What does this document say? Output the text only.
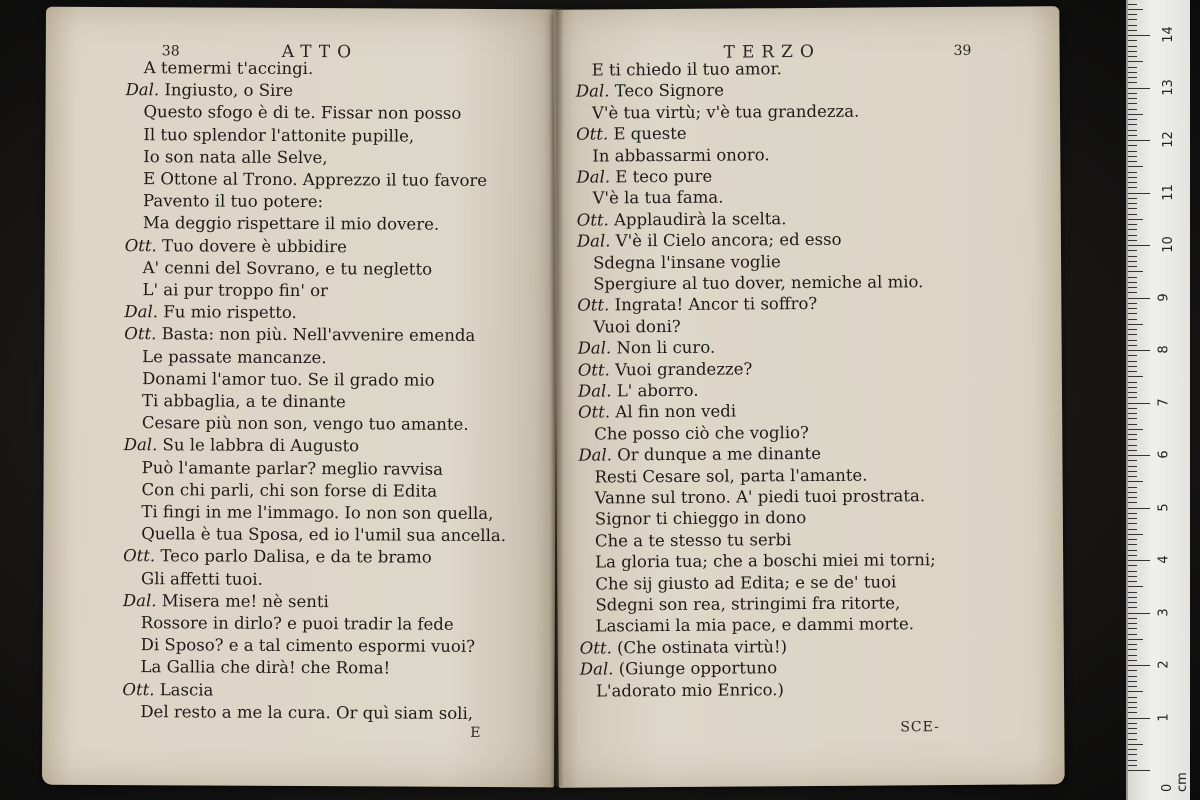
38	ATTO
A temermi t'accingi.
Dal. Ingiusto, o Sire
Questo sfogo è di te. Fissar non posso
Il tuo splendor l'attonite pupille,
Io son nata alle Selve,
E Ottone al Trono. Apprezzo il tuo favore
Pavento il tuo potere:
Ma deggio rispettare il mio dovere.
Ott. Tuo dovere è ubbidire
A' cenni del Sovrano, e tu negletto
L' ai pur troppo fin' or
Dal. Fu mio rispetto.
Ott. Basta: non più. Nell'avvenire emenda
Le passate mancanze.
Donami l'amor tuo. Se il grado mio
Ti abbaglia, a te dinante
Cesare più non son, vengo tuo amante.
Dal. Su le labbra di Augusto
Può l'amante parlar? meglio ravvisa
Con chi parli, chi son forse di Edita
Ti fingi in me l'immago. Io non son quella,
Quella è tua Sposa, ed io l'umil sua ancella.
Ott. Teco parlo Dalisa, e da te bramo
Gli affetti tuoi.
Dal. Misera me! nè senti
Rossore in dirlo? e puoi tradir la fede
Di Sposo? e a tal cimento espormi vuoi?
La Gallia che dirà! che Roma!
Ott. Lascia
Del resto a me la cura. Or quì siam soli,
E
TERZO	39
E ti chiedo il tuo amor.
Dal. Teco Signore
V'è tua virtù; v'è tua grandezza.
Ott. E queste
In abbassarmi onoro.
Dal. E teco pure
V'è la tua fama.
Ott. Applaudirà la scelta.
Dal. V'è il Cielo ancora; ed esso
Sdegna l'insane voglie
Spergiure al tuo dover, nemiche al mio.
Ott. Ingrata! Ancor ti soffro?
Vuoi doni?
Dal. Non li curo.
Ott. Vuoi grandezze?
Dal. L' aborro.
Ott. Al fin non vedi
Che posso ciò che voglio?
Dal. Or dunque a me dinante
Resti Cesare sol, parta l'amante.
Vanne sul trono. A' piedi tuoi prostrata.
Signor ti chieggo in dono
Che a te stesso tu serbi
La gloria tua; che a boschi miei mi torni;
Che sij giusto ad Edita; e se de' tuoi
Sdegni son rea, stringimi fra ritorte,
Lasciami la mia pace, e dammi morte.
Ott. (Che ostinata virtù!)
Dal. (Giunge opportuno
L'adorato mio Enrico.)
SCE-
0 cm
1
2
3
4
5
6
7
8
9
10
11
12
13
14
